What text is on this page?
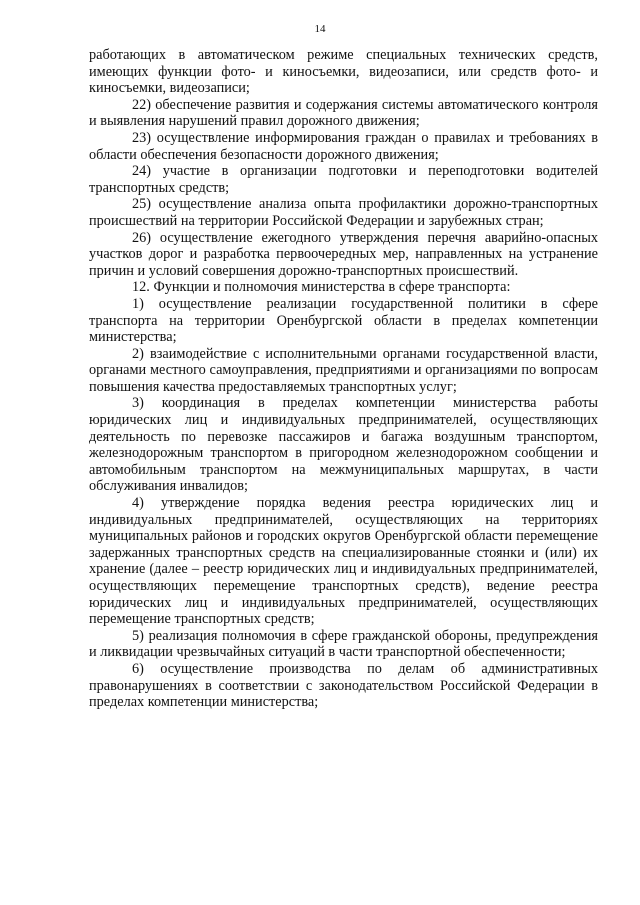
14

работающих в автоматическом режиме специальных технических средств, имеющих функции фото- и киносъемки, видеозаписи, или средств фото- и киносъемки, видеозаписи;

22) обеспечение развития и содержания системы автоматического контроля и выявления нарушений правил дорожного движения;

23) осуществление информирования граждан о правилах и требованиях в области обеспечения безопасности дорожного движения;

24) участие в организации подготовки и переподготовки водителей транспортных средств;

25) осуществление анализа опыта профилактики дорожно-транспортных происшествий на территории Российской Федерации и зарубежных стран;

26) осуществление ежегодного утверждения перечня аварийно-опасных участков дорог и разработка первоочередных мер, направленных на устранение причин и условий совершения дорожно-транспортных происшествий.

12. Функции и полномочия министерства в сфере транспорта:

1) осуществление реализации государственной политики в сфере транспорта на территории Оренбургской области в пределах компетенции министерства;

2) взаимодействие с исполнительными органами государственной власти, органами местного самоуправления, предприятиями и организациями по вопросам повышения качества предоставляемых транспортных услуг;

3) координация в пределах компетенции министерства работы юридических лиц и индивидуальных предпринимателей, осуществляющих деятельность по перевозке пассажиров и багажа воздушным транспортом, железнодорожным транспортом в пригородном железнодорожном сообщении и автомобильным транспортом на межмуниципальных маршрутах, в части обслуживания инвалидов;

4) утверждение порядка ведения реестра юридических лиц и индивидуальных предпринимателей, осуществляющих на территориях муниципальных районов и городских округов Оренбургской области перемещение задержанных транспортных средств на специализированные стоянки и (или) их хранение (далее – реестр юридических лиц и индивидуальных предпринимателей, осуществляющих перемещение транспортных средств), ведение реестра юридических лиц и индивидуальных предпринимателей, осуществляющих перемещение транспортных средств;

5) реализация полномочия в сфере гражданской обороны, предупреждения и ликвидации чрезвычайных ситуаций в части транспортной обеспеченности;

6) осуществление производства по делам об административных правонарушениях в соответствии с законодательством Российской Федерации в пределах компетенции министерства;
